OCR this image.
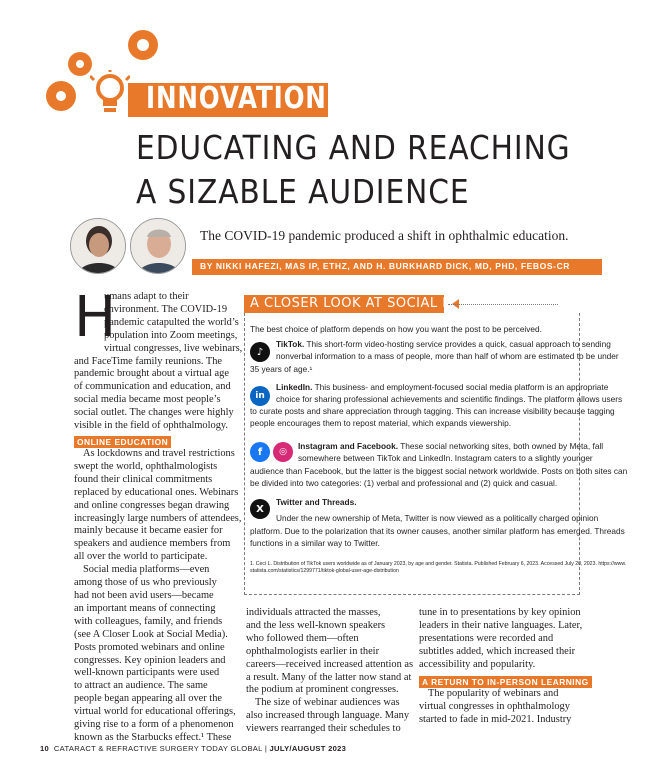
INNOVATION
EDUCATING AND REACHING
A SIZABLE AUDIENCE
The COVID-19 pandemic produced a shift in ophthalmic education.
BY NIKKI HAFEZI, MAS IP, ETHZ, AND H. BURKHARD DICK, MD, PHD, FEBOS-CR
H

umans adapt to their

environment. The COVID-19

pandemic catapulted the world’s

population into Zoom meetings,

virtual congresses, live webinars,

and FaceTime family reunions. The

pandemic brought about a virtual age

of communication and education, and

social media became most people’s

social outlet. The changes were highly

visible in the field of ophthalmology.

ONLINE EDUCATION

As lockdowns and travel restrictions

swept the world, ophthalmologists

found their clinical commitments

replaced by educational ones. Webinars

and online congresses began drawing

increasingly large numbers of attendees,

mainly because it became easier for

speakers and audience members from

all over the world to participate.

Social media platforms—even

among those of us who previously

had not been avid users—became

an important means of connecting

with colleagues, family, and friends

(see A Closer Look at Social Media).

Posts promoted webinars and online

congresses. Key opinion leaders and

well-known participants were used

to attract an audience. The same

people began appearing all over the

virtual world for educational offerings,

giving rise to a form of a phenomenon

known as the Starbucks effect.¹ These

A CLOSER LOOK AT SOCIAL MEDIA
The best choice of platform depends on how you want the post to be perceived.
♪
TikTok. This short-form video-hosting service provides a quick, casual approach to sending
nonverbal information to a mass of people, more than half of whom are estimated to be under
35 years of age.¹
in
LinkedIn. This business- and employment-focused social media platform is an appropriate
choice for sharing professional achievements and scientific findings. The platform allows users
to curate posts and share appreciation through tagging. This can increase visibility because tagging
people encourages them to repost material, which expands viewership.
f	◎
Instagram and Facebook. These social networking sites, both owned by Meta, fall
somewhere between TikTok and LinkedIn. Instagram caters to a slightly younger
audience than Facebook, but the latter is the biggest social network worldwide. Posts on both sites can
be divided into two categories: (1) verbal and professional and (2) quick and casual.
X
Twitter and Threads.
Under the new ownership of Meta, Twitter is now viewed as a politically charged opinion
platform. Due to the polarization that its owner causes, another similar platform has emerged. Threads
functions in a similar way to Twitter.
1. Ceci L. Distribution of TikTok users worldwide as of January 2023, by age and gender. Statista. Published February 6, 2023. Accessed July 20, 2023. https://www.
statista.com/statistics/1299771/tiktok-global-user-age-distribution

individuals attracted the masses,

and the less well-known speakers

who followed them—often

ophthalmologists earlier in their

careers—received increased attention as

a result. Many of the latter now stand at

the podium at prominent congresses.

The size of webinar audiences was

also increased through language. Many

viewers rearranged their schedules to

tune in to presentations by key opinion

leaders in their native languages. Later,

presentations were recorded and

subtitles added, which increased their

accessibility and popularity.

A RETURN TO IN-PERSON LEARNING

The popularity of webinars and

virtual congresses in ophthalmology

started to fade in mid-2021. Industry

10 CATARACT & REFRACTIVE SURGERY TODAY GLOBAL | JULY/AUGUST 2023
